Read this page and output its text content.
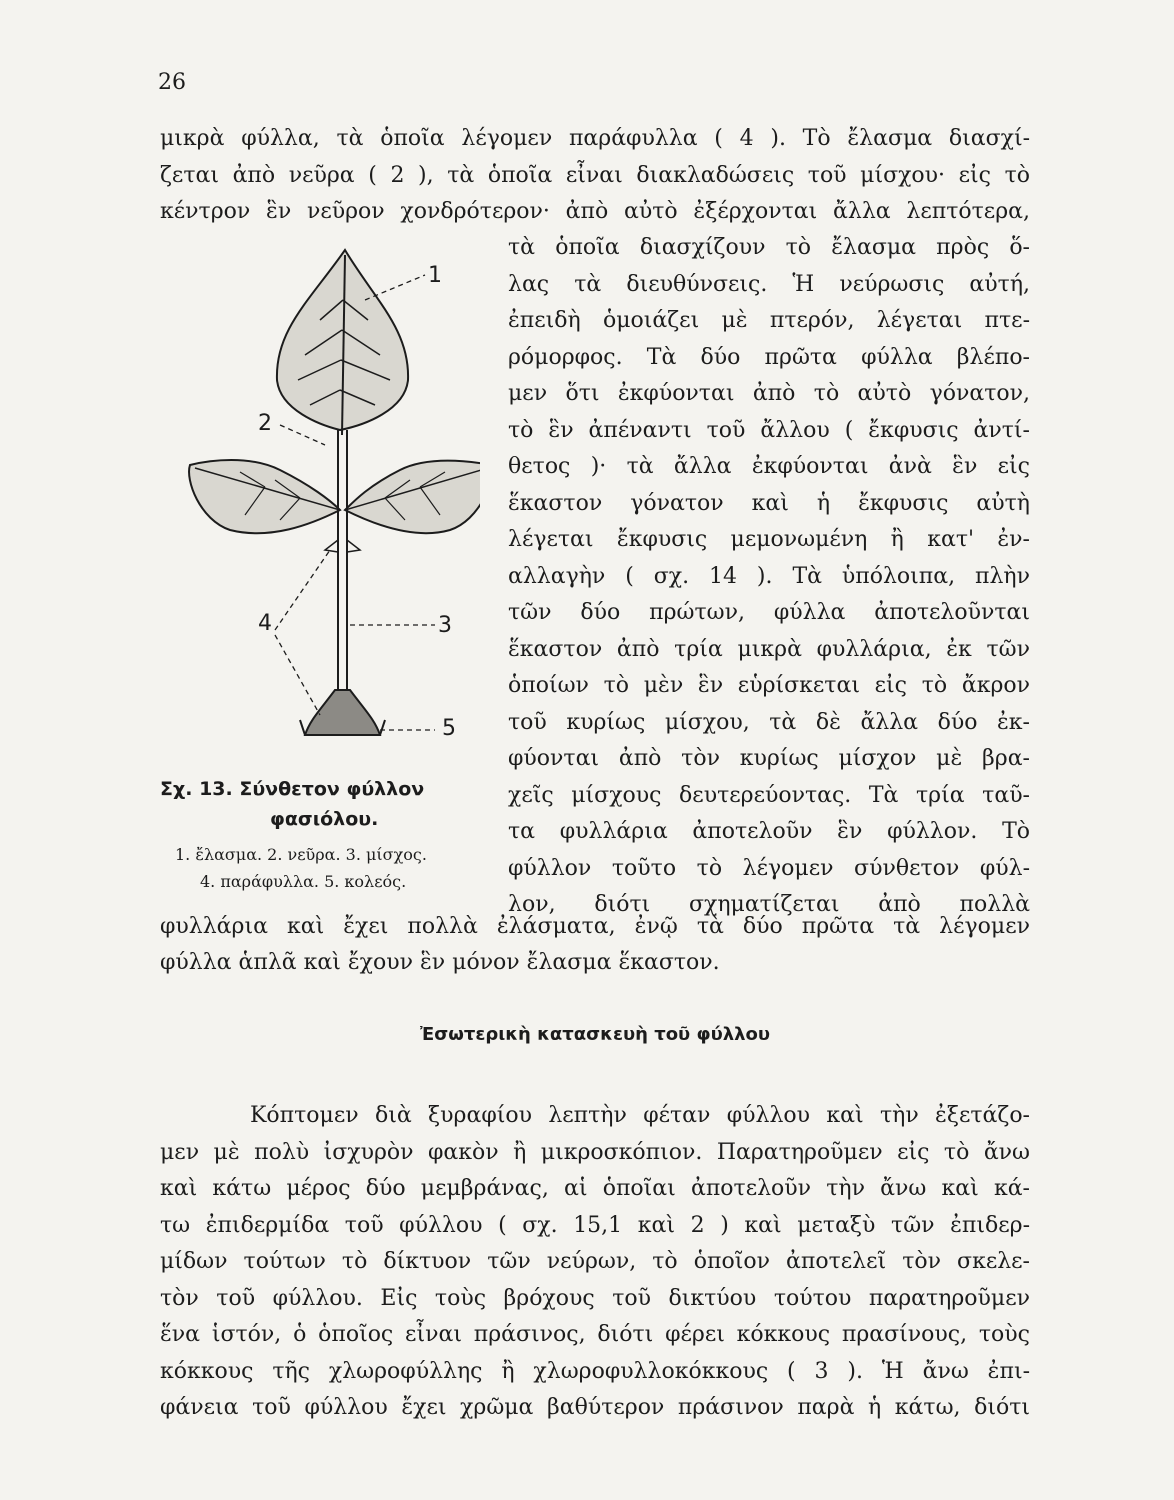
26
μικρὰ φύλλα, τὰ ὁποῖα λέγομεν παράφυλλα ( 4 ). Τὸ ἔλασμα διασχί-
ζεται ἀπὸ νεῦρα ( 2 ), τὰ ὁποῖα εἶναι διακλαδώσεις τοῦ μίσχου· εἰς τὸ
κέντρον ἓν νεῦρον χονδρότερον· ἀπὸ αὐτὸ ἐξέρχονται ἄλλα λεπτότερα,
τὰ ὁποῖα διασχίζουν τὸ ἔλασμα πρὸς ὅ-
λας τὰ διευθύνσεις. Ἡ νεύρωσις αὐτή,
ἐπειδὴ ὁμοιάζει μὲ πτερόν, λέγεται πτε-
ρόμορφος. Τὰ δύο πρῶτα φύλλα βλέπο-
μεν ὅτι ἐκφύονται ἀπὸ τὸ αὐτὸ γόνατον,
τὸ ἓν ἀπέναντι τοῦ ἄλλου ( ἔκφυσις ἀντί-
θετος )· τὰ ἄλλα ἐκφύονται ἀνὰ ἓν εἰς
ἕκαστον γόνατον καὶ ἡ ἔκφυσις αὐτὴ
λέγεται ἔκφυσις μεμονωμένη ἢ κατ' ἐν-
αλλαγὴν ( σχ. 14 ). Τὰ ὑπόλοιπα, πλὴν
τῶν δύο πρώτων, φύλλα ἀποτελοῦνται
ἕκαστον ἀπὸ τρία μικρὰ φυλλάρια, ἐκ τῶν
ὁποίων τὸ μὲν ἓν εὑρίσκεται εἰς τὸ ἄκρον
τοῦ κυρίως μίσχου, τὰ δὲ ἄλλα δύο ἐκ-
φύονται ἀπὸ τὸν κυρίως μίσχον μὲ βρα-
χεῖς μίσχους δευτερεύοντας. Τὰ τρία ταῦ-
τα φυλλάρια ἀποτελοῦν ἓν φύλλον. Τὸ
φύλλον τοῦτο τὸ λέγομεν σύνθετον φύλ-
λον, διότι σχηματίζεται ἀπὸ πολλὰ
1
2
3
4
5
Σχ. 13. Σύνθετον φύλλον
φασιόλου.
1. ἔλασμα. 2. νεῦρα. 3. μίσχος.
4. παράφυλλα. 5. κολεός.
φυλλάρια καὶ ἔχει πολλὰ ἐλάσματα, ἐνῷ τὰ δύο πρῶτα τὰ λέγομεν
φύλλα ἁπλᾶ καὶ ἔχουν ἓν μόνον ἔλασμα ἕκαστον.
Ἐσωτερικὴ κατασκευὴ τοῦ φύλλου
Κόπτομεν διὰ ξυραφίου λεπτὴν φέταν φύλλου καὶ τὴν ἐξετάζο-
μεν μὲ πολὺ ἰσχυρὸν φακὸν ἢ μικροσκόπιον. Παρατηροῦμεν εἰς τὸ ἄνω
καὶ κάτω μέρος δύο μεμβράνας, αἱ ὁποῖαι ἀποτελοῦν τὴν ἄνω καὶ κά-
τω ἐπιδερμίδα τοῦ φύλλου ( σχ. 15,1 καὶ 2 ) καὶ μεταξὺ τῶν ἐπιδερ-
μίδων τούτων τὸ δίκτυον τῶν νεύρων, τὸ ὁποῖον ἀποτελεῖ τὸν σκελε-
τὸν τοῦ φύλλου. Εἰς τοὺς βρόχους τοῦ δικτύου τούτου παρατηροῦμεν
ἕνα ἱστόν, ὁ ὁποῖος εἶναι πράσινος, διότι φέρει κόκκους πρασίνους, τοὺς
κόκκους τῆς χλωροφύλλης ἢ χλωροφυλλοκόκκους ( 3 ). Ἡ ἄνω ἐπι-
φάνεια τοῦ φύλλου ἔχει χρῶμα βαθύτερον πράσινον παρὰ ἡ κάτω, διότι
